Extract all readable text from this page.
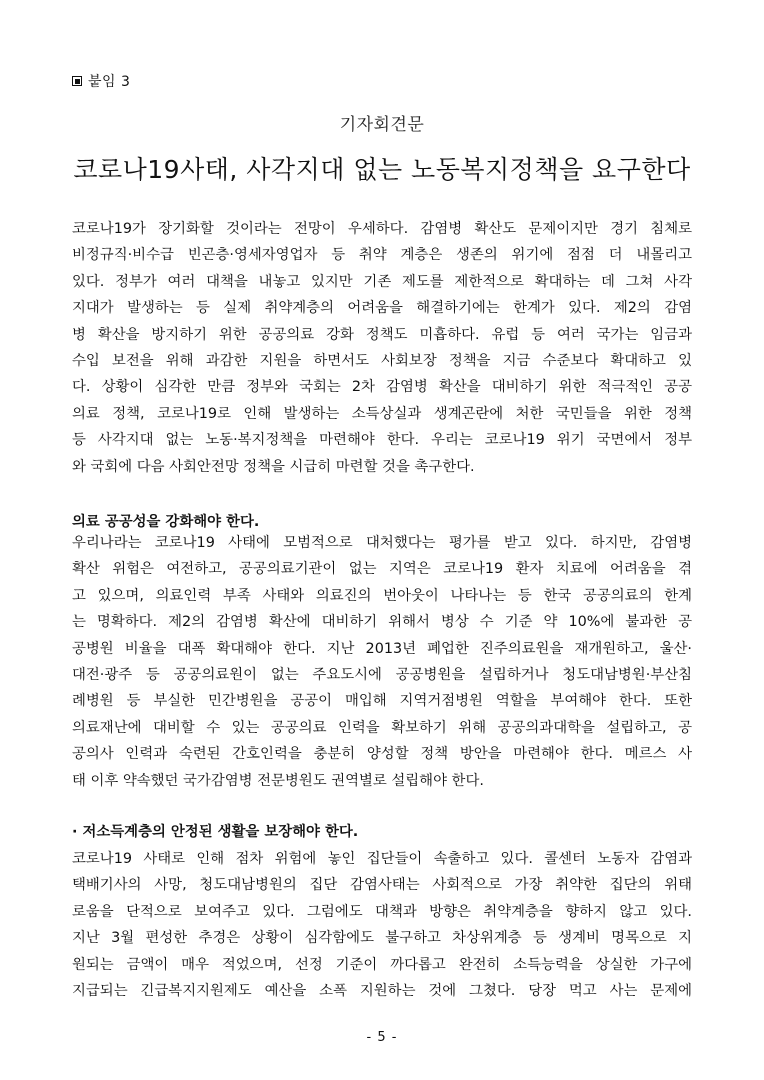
붙임 3
기자회견문
코로나19사태, 사각지대 없는 노동복지정책을 요구한다
코로나19가 장기화할 것이라는 전망이 우세하다. 감염병 확산도 문제이지만 경기 침체로
비정규직·비수급 빈곤층·영세자영업자 등 취약 계층은 생존의 위기에 점점 더 내몰리고
있다. 정부가 여러 대책을 내놓고 있지만 기존 제도를 제한적으로 확대하는 데 그쳐 사각
지대가 발생하는 등 실제 취약계층의 어려움을 해결하기에는 한계가 있다. 제2의 감염
병 확산을 방지하기 위한 공공의료 강화 정책도 미흡하다. 유럽 등 여러 국가는 임금과
수입 보전을 위해 과감한 지원을 하면서도 사회보장 정책을 지금 수준보다 확대하고 있
다. 상황이 심각한 만큼 정부와 국회는 2차 감염병 확산을 대비하기 위한 적극적인 공공
의료 정책, 코로나19로 인해 발생하는 소득상실과 생계곤란에 처한 국민들을 위한 정책
등 사각지대 없는 노동·복지정책을 마련해야 한다. 우리는 코로나19 위기 국면에서 정부
와 국회에 다음 사회안전망 정책을 시급히 마련할 것을 촉구한다.
의료 공공성을 강화해야 한다.
우리나라는 코로나19 사태에 모범적으로 대처했다는 평가를 받고 있다. 하지만, 감염병
확산 위험은 여전하고, 공공의료기관이 없는 지역은 코로나19 환자 치료에 어려움을 겪
고 있으며, 의료인력 부족 사태와 의료진의 번아웃이 나타나는 등 한국 공공의료의 한계
는 명확하다. 제2의 감염병 확산에 대비하기 위해서 병상 수 기준 약 10%에 불과한 공
공병원 비율을 대폭 확대해야 한다. 지난 2013년 폐업한 진주의료원을 재개원하고, 울산·
대전·광주 등 공공의료원이 없는 주요도시에 공공병원을 설립하거나 청도대남병원·부산침
례병원 등 부실한 민간병원을 공공이 매입해 지역거점병원 역할을 부여해야 한다. 또한
의료재난에 대비할 수 있는 공공의료 인력을 확보하기 위해 공공의과대학을 설립하고, 공
공의사 인력과 숙련된 간호인력을 충분히 양성할 정책 방안을 마련해야 한다. 메르스 사
태 이후 약속했던 국가감염병 전문병원도 권역별로 설립해야 한다.
· 저소득계층의 안정된 생활을 보장해야 한다.
코로나19 사태로 인해 점차 위험에 놓인 집단들이 속출하고 있다. 콜센터 노동자 감염과
택배기사의 사망, 청도대남병원의 집단 감염사태는 사회적으로 가장 취약한 집단의 위태
로움을 단적으로 보여주고 있다. 그럼에도 대책과 방향은 취약계층을 향하지 않고 있다.
지난 3월 편성한 추경은 상황이 심각함에도 불구하고 차상위계층 등 생계비 명목으로 지
원되는 금액이 매우 적었으며, 선정 기준이 까다롭고 완전히 소득능력을 상실한 가구에
지급되는 긴급복지지원제도 예산을 소폭 지원하는 것에 그쳤다. 당장 먹고 사는 문제에
- 5 -
